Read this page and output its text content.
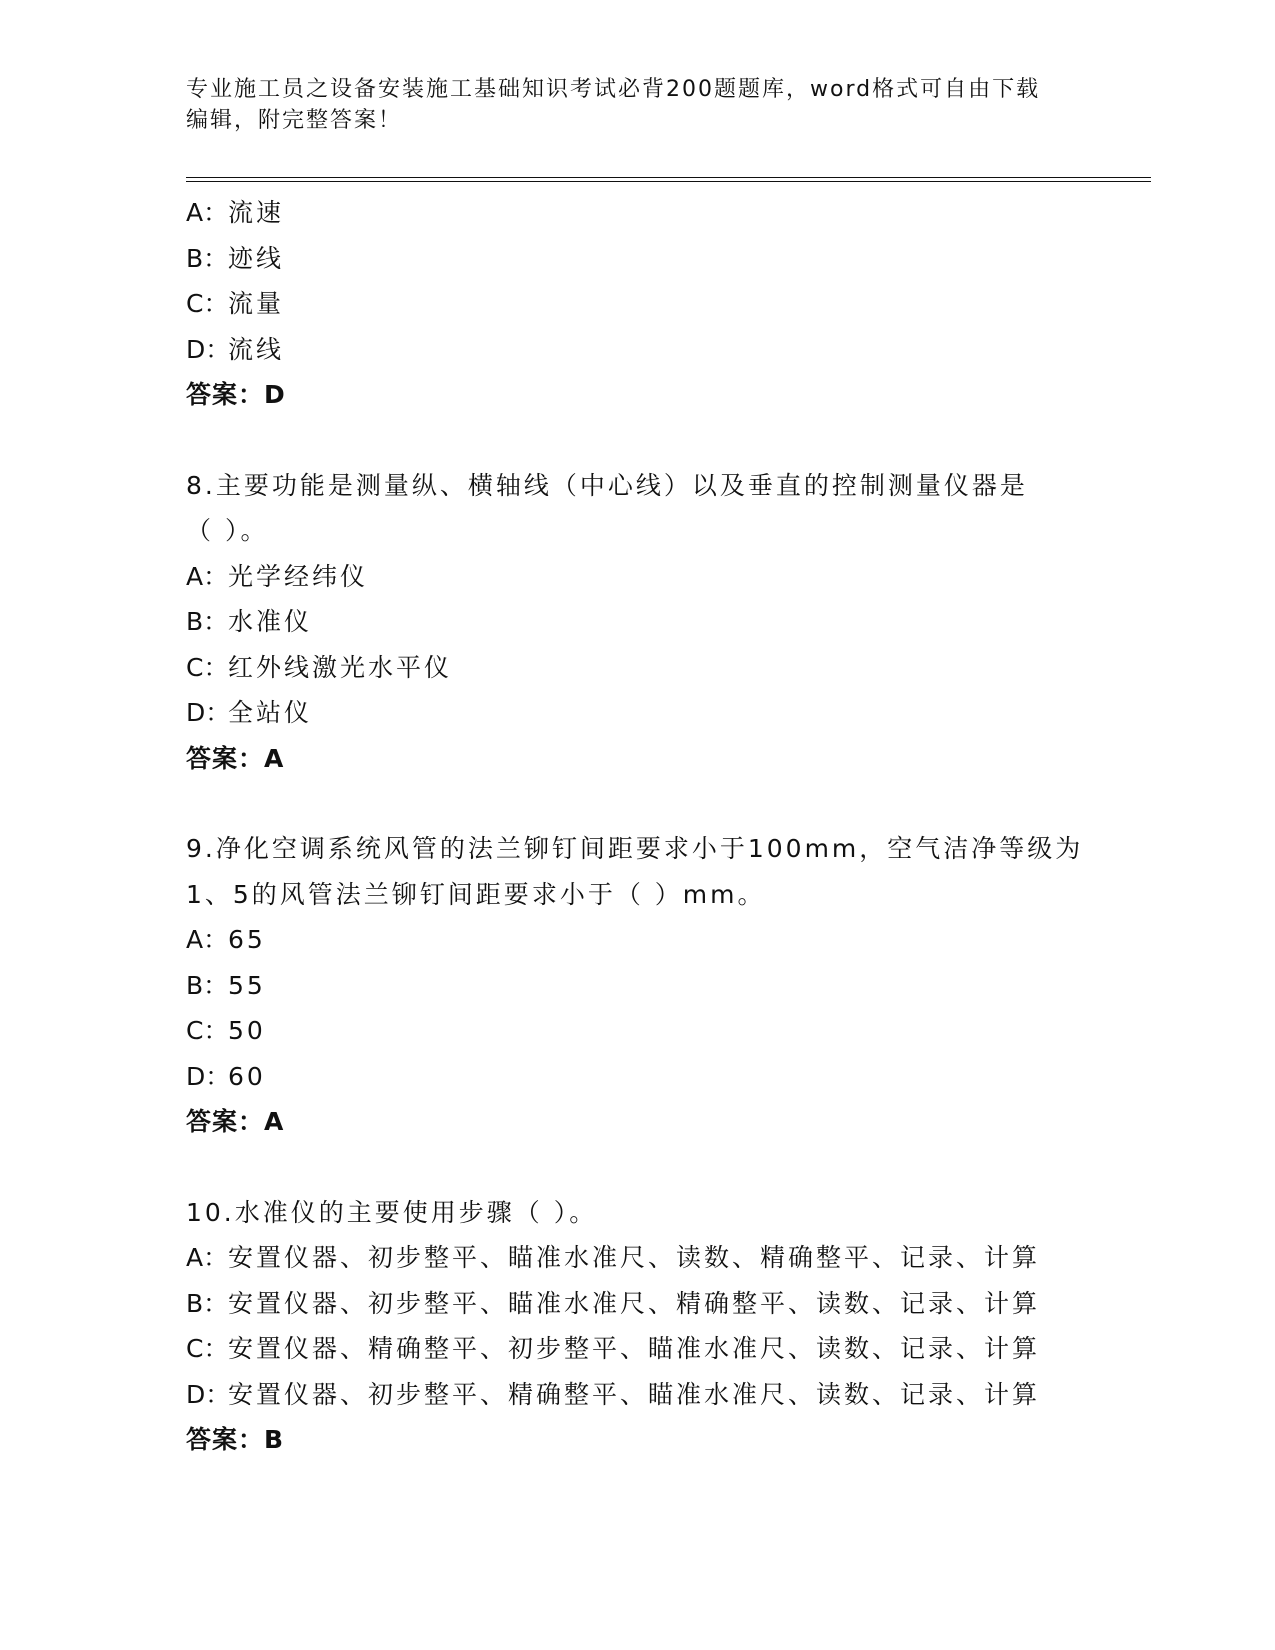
专业施工员之设备安装施工基础知识考试必背200题题库，word格式可自由下载
编辑，附完整答案！
A：流速
B：迹线
C：流量
D：流线
答案：D
8.主要功能是测量纵、横轴线（中心线）以及垂直的控制测量仪器是
（ ）。
A：光学经纬仪
B：水准仪
C：红外线激光水平仪
D：全站仪
答案：A
9.净化空调系统风管的法兰铆钉间距要求小于100mm，空气洁净等级为
1、5的风管法兰铆钉间距要求小于（ ）mm。
A：65
B：55
C：50
D：60
答案：A
10.水准仪的主要使用步骤（ ）。
A：安置仪器、初步整平、瞄准水准尺、读数、精确整平、记录、计算
B：安置仪器、初步整平、瞄准水准尺、精确整平、读数、记录、计算
C：安置仪器、精确整平、初步整平、瞄准水准尺、读数、记录、计算
D：安置仪器、初步整平、精确整平、瞄准水准尺、读数、记录、计算
答案：B
